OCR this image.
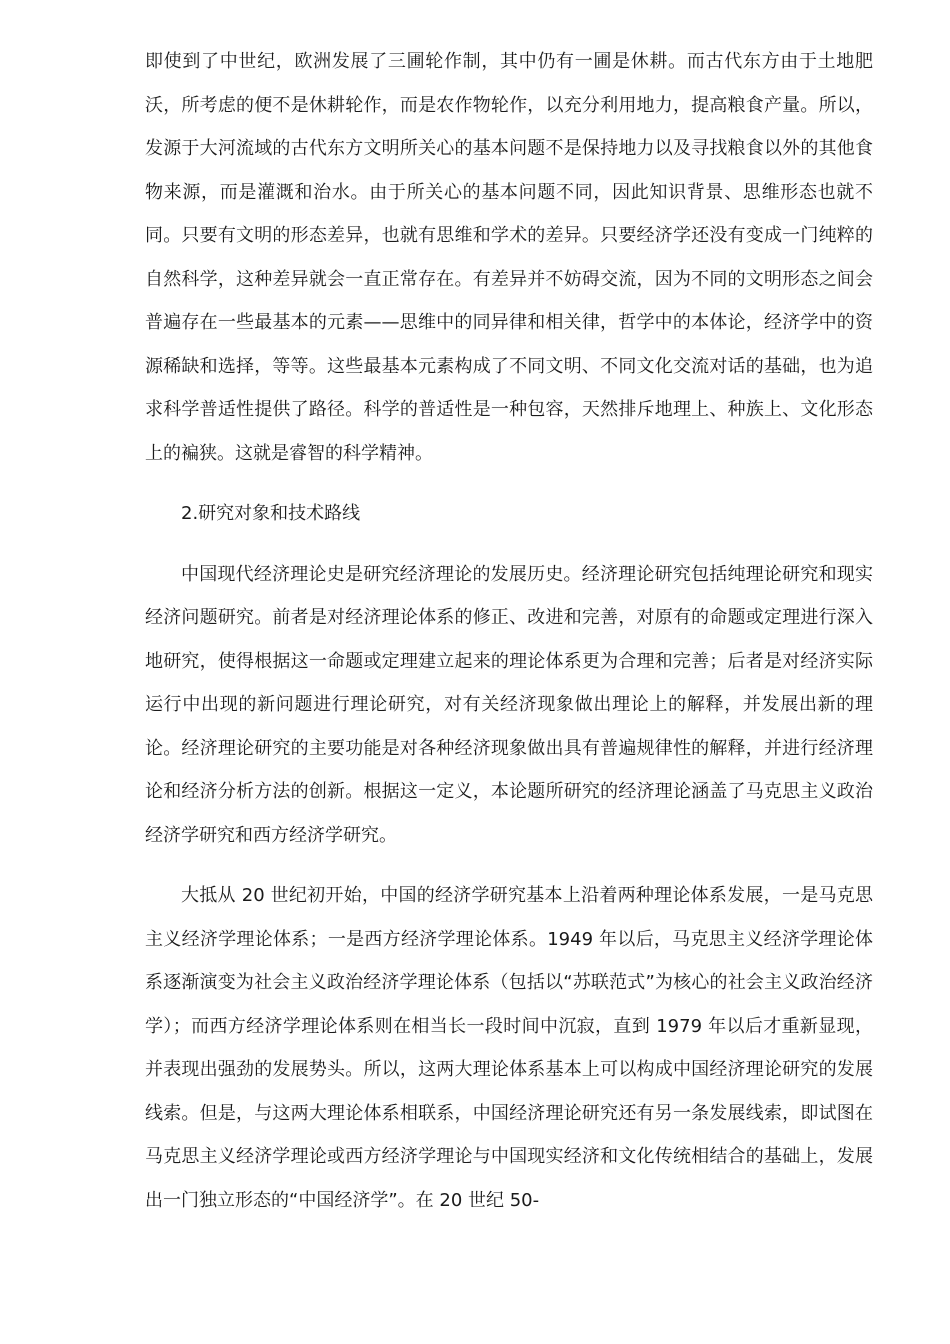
即使到了中世纪，欧洲发展了三圃轮作制，其中仍有一圃是休耕。而古代东方由于土地肥沃，所考虑的便不是休耕轮作，而是农作物轮作，以充分利用地力，提高粮食产量。所以，发源于大河流域的古代东方文明所关心的基本问题不是保持地力以及寻找粮食以外的其他食物来源，而是灌溉和治水。由于所关心的基本问题不同，因此知识背景、思维形态也就不同。只要有文明的形态差异，也就有思维和学术的差异。只要经济学还没有变成一门纯粹的自然科学，这种差异就会一直正常存在。有差异并不妨碍交流，因为不同的文明形态之间会普遍存在一些最基本的元素——思维中的同异律和相关律，哲学中的本体论，经济学中的资源稀缺和选择，等等。这些最基本元素构成了不同文明、不同文化交流对话的基础，也为追求科学普适性提供了路径。科学的普适性是一种包容，天然排斥地理上、种族上、文化形态上的褊狭。这就是睿智的科学精神。

2.研究对象和技术路线

中国现代经济理论史是研究经济理论的发展历史。经济理论研究包括纯理论研究和现实经济问题研究。前者是对经济理论体系的修正、改进和完善，对原有的命题或定理进行深入地研究，使得根据这一命题或定理建立起来的理论体系更为合理和完善；后者是对经济实际运行中出现的新问题进行理论研究，对有关经济现象做出理论上的解释，并发展出新的理论。经济理论研究的主要功能是对各种经济现象做出具有普遍规律性的解释，并进行经济理论和经济分析方法的创新。根据这一定义，本论题所研究的经济理论涵盖了马克思主义政治经济学研究和西方经济学研究。

大抵从 20 世纪初开始，中国的经济学研究基本上沿着两种理论体系发展，一是马克思主义经济学理论体系；一是西方经济学理论体系。1949 年以后，马克思主义经济学理论体系逐渐演变为社会主义政治经济学理论体系（包括以“苏联范式”为核心的社会主义政治经济学）；而西方经济学理论体系则在相当长一段时间中沉寂，直到 1979 年以后才重新显现，并表现出强劲的发展势头。所以，这两大理论体系基本上可以构成中国经济理论研究的发展线索。但是，与这两大理论体系相联系，中国经济理论研究还有另一条发展线索，即试图在马克思主义经济学理论或西方经济学理论与中国现实经济和文化传统相结合的基础上，发展出一门独立形态的“中国经济学”。在 20 世纪 50-
